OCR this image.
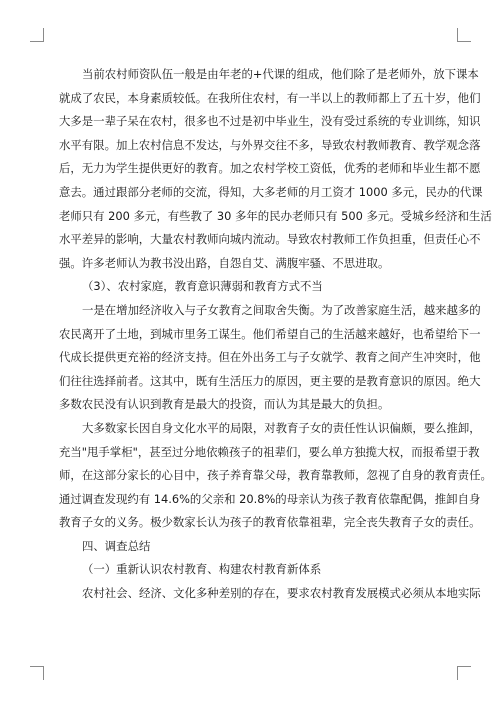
当前农村师资队伍一般是由年老的+代课的组成，他们除了是老师外，放下课本
就成了农民，本身素质较低。在我所住农村，有一半以上的教师都上了五十岁，他们
大多是一辈子呆在农村，很多也不过是初中毕业生，没有受过系统的专业训练，知识
水平有限。加上农村信息不发达，与外界交往不多，导致农村教师教育、教学观念落
后，无力为学生提供更好的教育。加之农村学校工资低，优秀的老师和毕业生都不愿
意去。通过跟部分老师的交流，得知，大多老师的月工资才 1000 多元，民办的代课
老师只有 200 多元，有些教了 30 多年的民办老师只有 500 多元。受城乡经济和生活
水平差异的影响，大量农村教师向城内流动。导致农村教师工作负担重，但责任心不
强。许多老师认为教书没出路，自怨自艾、满腹牢骚、不思进取。
（3）、农村家庭，教育意识薄弱和教育方式不当
一是在增加经济收入与子女教育之间取舍失衡。为了改善家庭生活，越来越多的
农民离开了土地，到城市里务工谋生。他们希望自己的生活越来越好，也希望给下一
代成长提供更充裕的经济支持。但在外出务工与子女就学、教育之间产生冲突时，他
们往往选择前者。这其中，既有生活压力的原因，更主要的是教育意识的原因。绝大
多数农民没有认识到教育是最大的投资，而认为其是最大的负担。
大多数家长因自身文化水平的局限，对教育子女的责任性认识偏颇，要么推卸，
充当"甩手掌柜"，甚至过分地依赖孩子的祖辈们，要么单方独揽大权，而报希望于教
师，在这部分家长的心目中，孩子养育靠父母，教育靠教师，忽视了自身的教育责任。
通过调查发现约有 14.6%的父亲和 20.8%的母亲认为孩子教育依靠配偶，推卸自身
教育子女的义务。极少数家长认为孩子的教育依靠祖辈，完全丧失教育子女的责任。
四、调查总结
（一）重新认识农村教育、构建农村教育新体系
农村社会、经济、文化多种差别的存在，要求农村教育发展模式必须从本地实际
